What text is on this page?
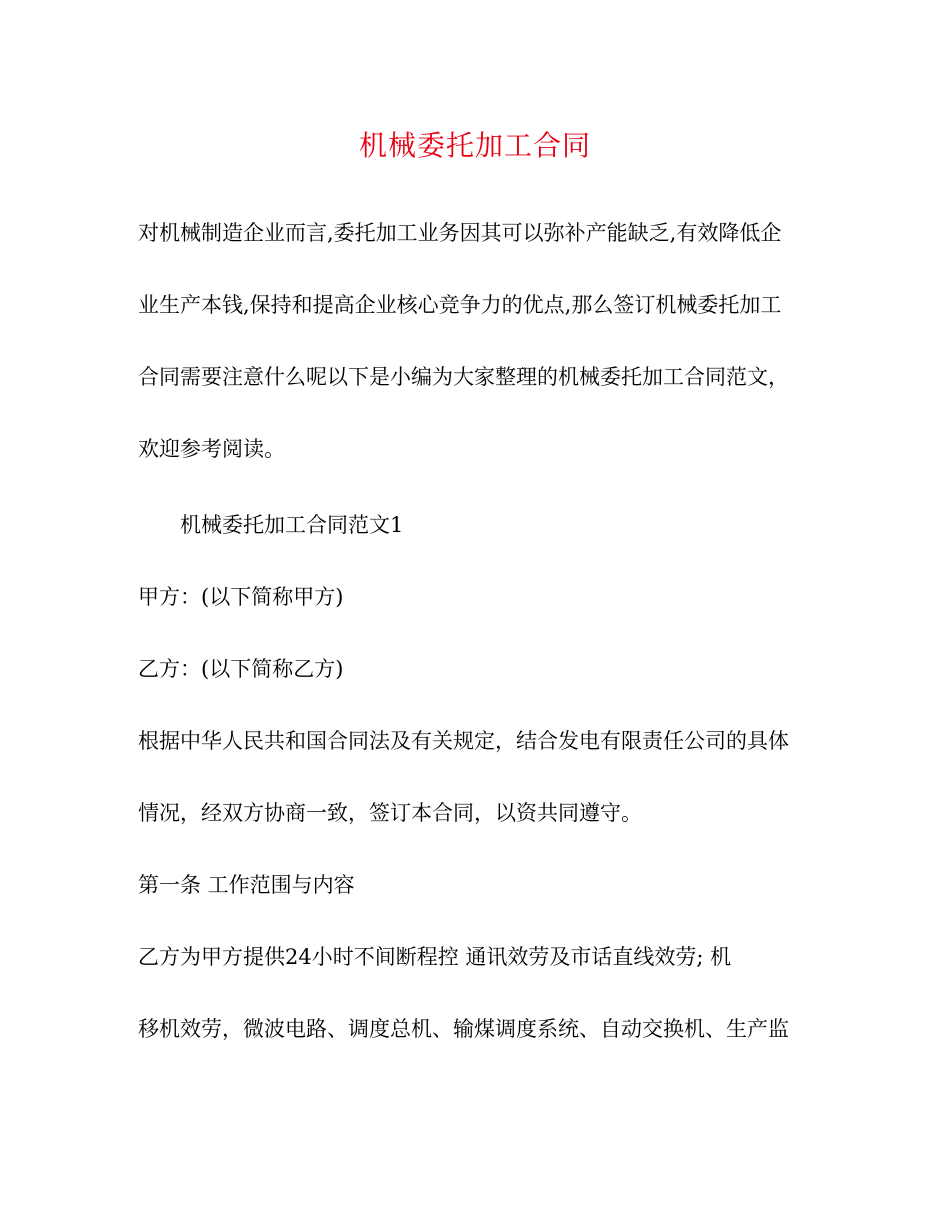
机械委托加工合同
对机械制造企业而言,委托加工业务因其可以弥补产能缺乏,有效降低企
业生产本钱,保持和提高企业核心竞争力的优点,那么签订机械委托加工
合同需要注意什么呢以下是小编为大家整理的机械委托加工合同范文，
欢迎参考阅读。
机械委托加工合同范文1
甲方：(以下简称甲方)
乙方：(以下简称乙方)
根据中华人民共和国合同法及有关规定，结合发电有限责任公司的具体
情况，经双方协商一致，签订本合同，以资共同遵守。
第一条 工作范围与内容
乙方为甲方提供24小时不间断程控 通讯效劳及市话直线效劳; 机
移机效劳，微波电路、调度总机、输煤调度系统、自动交换机、生产监
